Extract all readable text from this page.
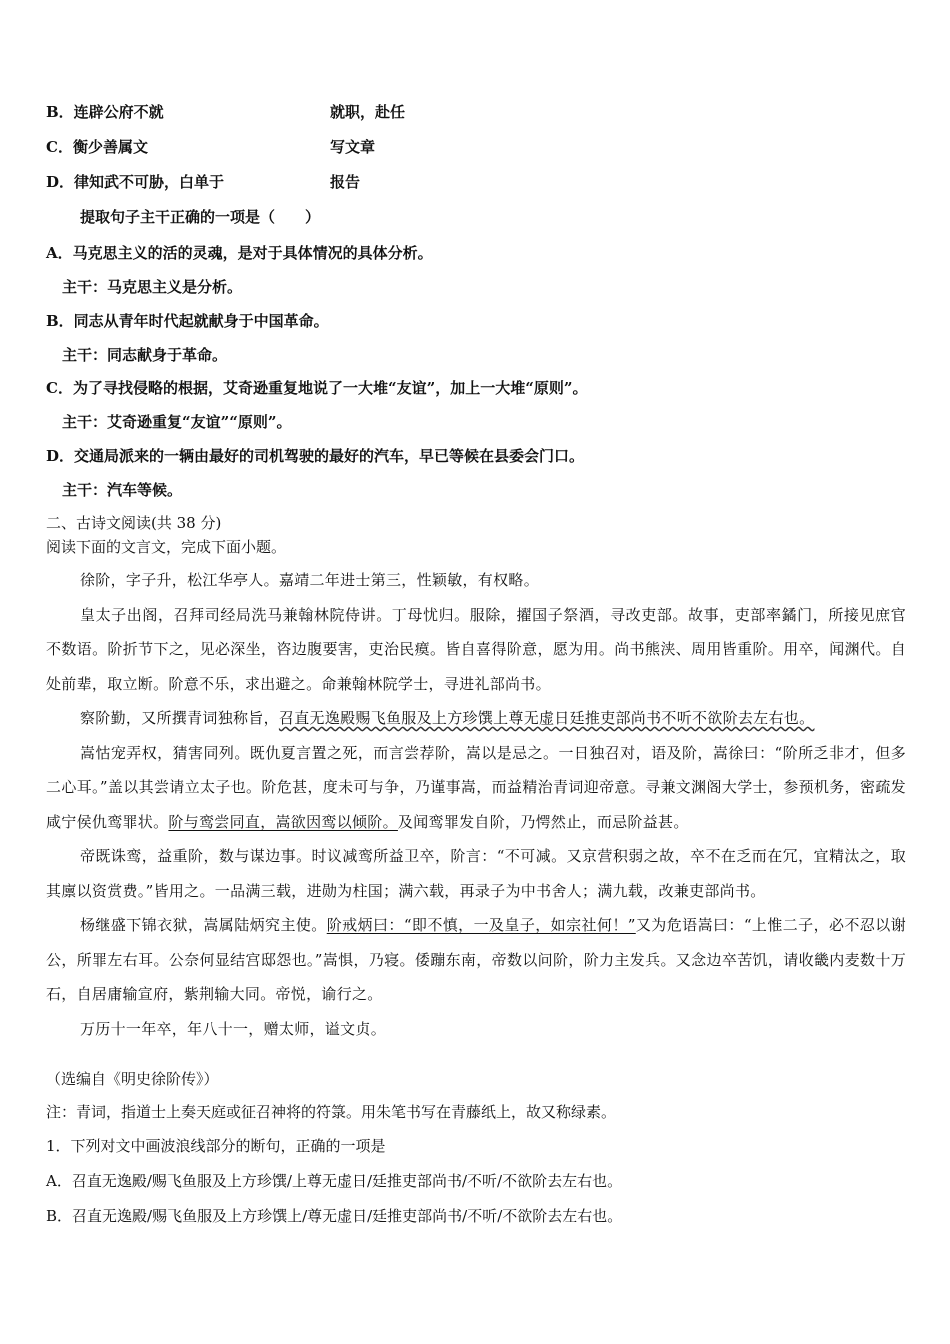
B．连辟公府不就	就职，赴任
C．衡少善属文	写文章
D．律知武不可胁，白单于	报告
提取句子主干正确的一项是（　　）
A．马克思主义的活的灵魂，是对于具体情况的具体分析。
主干：马克思主义是分析。
B．同志从青年时代起就献身于中国革命。
主干：同志献身于革命。
C．为了寻找侵略的根据，艾奇逊重复地说了一大堆“友谊”，加上一大堆“原则”。
主干：艾奇逊重复“友谊”“原则”。
D．交通局派来的一辆由最好的司机驾驶的最好的汽车，早已等候在县委会门口。
主干：汽车等候。
二、古诗文阅读(共 38 分)
阅读下面的文言文，完成下面小题。

徐阶，字子升，松江华亭人。嘉靖二年进士第三，性颖敏，有权略。

皇太子出阁，召拜司经局洗马兼翰林院侍讲。丁母忧归。服除，擢国子祭酒，寻改吏部。故事，吏部率鐍门，所接见庶官不数语。阶折节下之，见必深坐，咨边腹要害，吏治民瘼。皆自喜得阶意，愿为用。尚书熊浃、周用皆重阶。用卒，闻渊代。自处前辈，取立断。阶意不乐，求出避之。命兼翰林院学士，寻进礼部尚书。

察阶勤，又所撰青词独称旨，召直无逸殿赐飞鱼服及上方珍馔上尊无虚日廷推吏部尚书不听不欲阶去左右也。

嵩怙宠弄权，猜害同列。既仇夏言置之死，而言尝荐阶，嵩以是忌之。一日独召对，语及阶，嵩徐曰：“阶所乏非才，但多二心耳。”盖以其尝请立太子也。阶危甚，度未可与争，乃谨事嵩，而益精治青词迎帝意。寻兼文渊阁大学士，参预机务，密疏发咸宁侯仇鸾罪状。阶与鸾尝同直，嵩欲因鸾以倾阶。及闻鸾罪发自阶，乃愕然止，而忌阶益甚。

帝既诛鸾，益重阶，数与谋边事。时议减鸾所益卫卒，阶言：“不可减。又京营积弱之故，卒不在乏而在冗，宜精汰之，取其廪以资赏费。”皆用之。一品满三载，进勋为柱国；满六载，再录子为中书舍人；满九载，改兼吏部尚书。

杨继盛下锦衣狱，嵩属陆炳究主使。阶戒炳曰：“即不慎，一及皇子，如宗社何！”又为危语嵩曰：“上惟二子，必不忍以谢公，所罪左右耳。公奈何显结宫邸怨也。”嵩惧，乃寝。倭蹦东南，帝数以问阶，阶力主发兵。又念边卒苦饥，请收畿内麦数十万石，自居庸输宣府，紫荆输大同。帝悦，谕行之。

万历十一年卒，年八十一，赠太师，谥文贞。

（选编自《明史徐阶传》）
注：青词，指道士上奏天庭或征召神将的符箓。用朱笔书写在青藤纸上，故又称绿素。
1．下列对文中画波浪线部分的断句，正确的一项是
A．召直无逸殿/赐飞鱼服及上方珍馔/上尊无虚日/廷推吏部尚书/不听/不欲阶去左右也。
B．召直无逸殿/赐飞鱼服及上方珍馔上/尊无虚日/廷推吏部尚书/不听/不欲阶去左右也。
